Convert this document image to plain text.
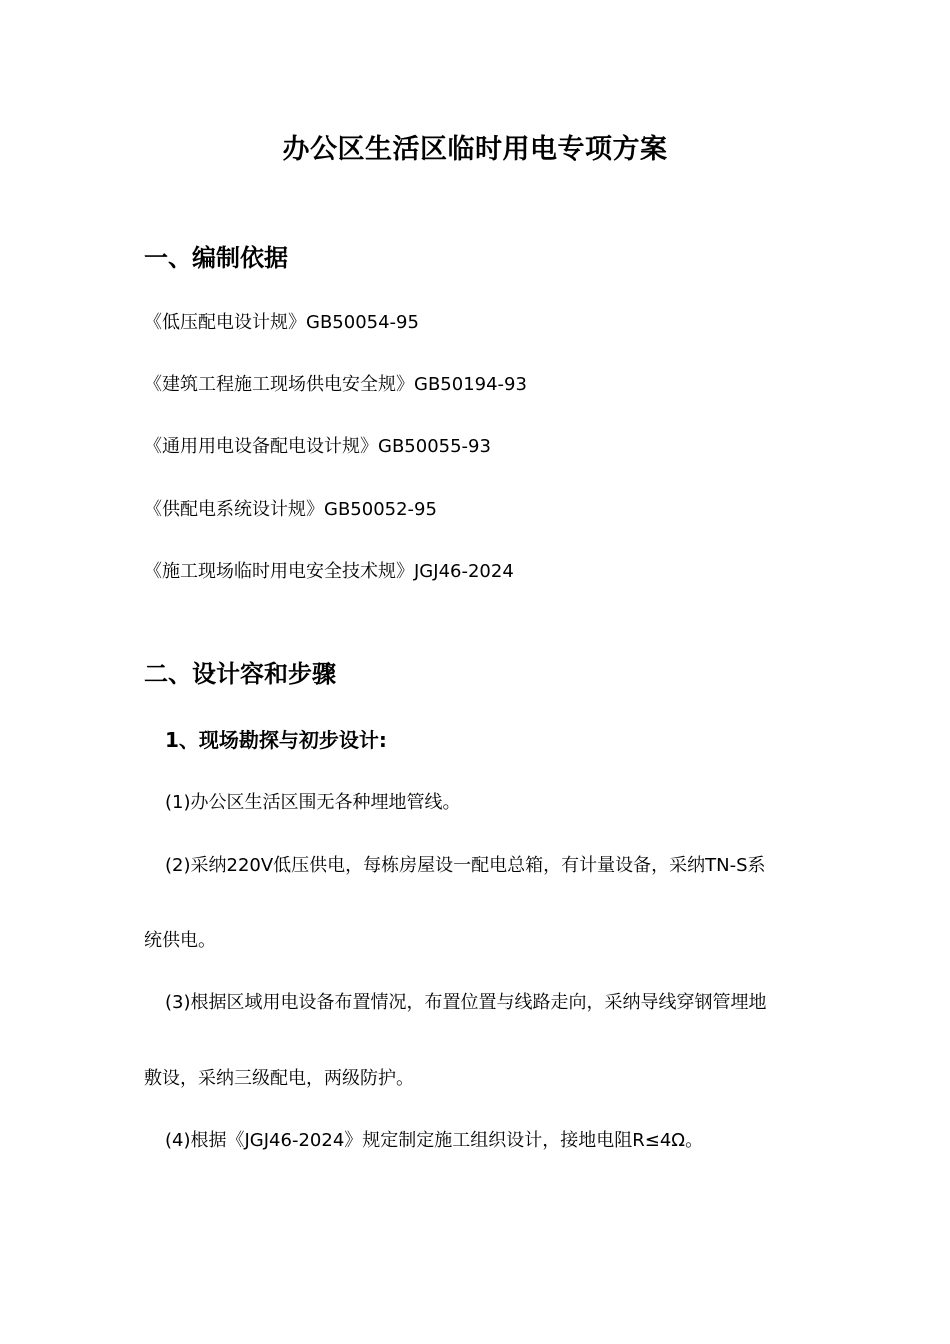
办公区生活区临时用电专项方案
一、编制依据
《低压配电设计规》GB50054-95
《建筑工程施工现场供电安全规》GB50194-93
《通用用电设备配电设计规》GB50055-93
《供配电系统设计规》GB50052-95
《施工现场临时用电安全技术规》JGJ46-2024
二、设计容和步骤
1、现场勘探与初步设计:
(1)办公区生活区围无各种埋地管线。
(2)采纳220V低压供电，每栋房屋设一配电总箱，有计量设备，采纳TN-S系
统供电。
(3)根据区域用电设备布置情况，布置位置与线路走向，采纳导线穿钢管埋地
敷设，采纳三级配电，两级防护。
(4)根据《JGJ46-2024》规定制定施工组织设计，接地电阻R≤4Ω。
